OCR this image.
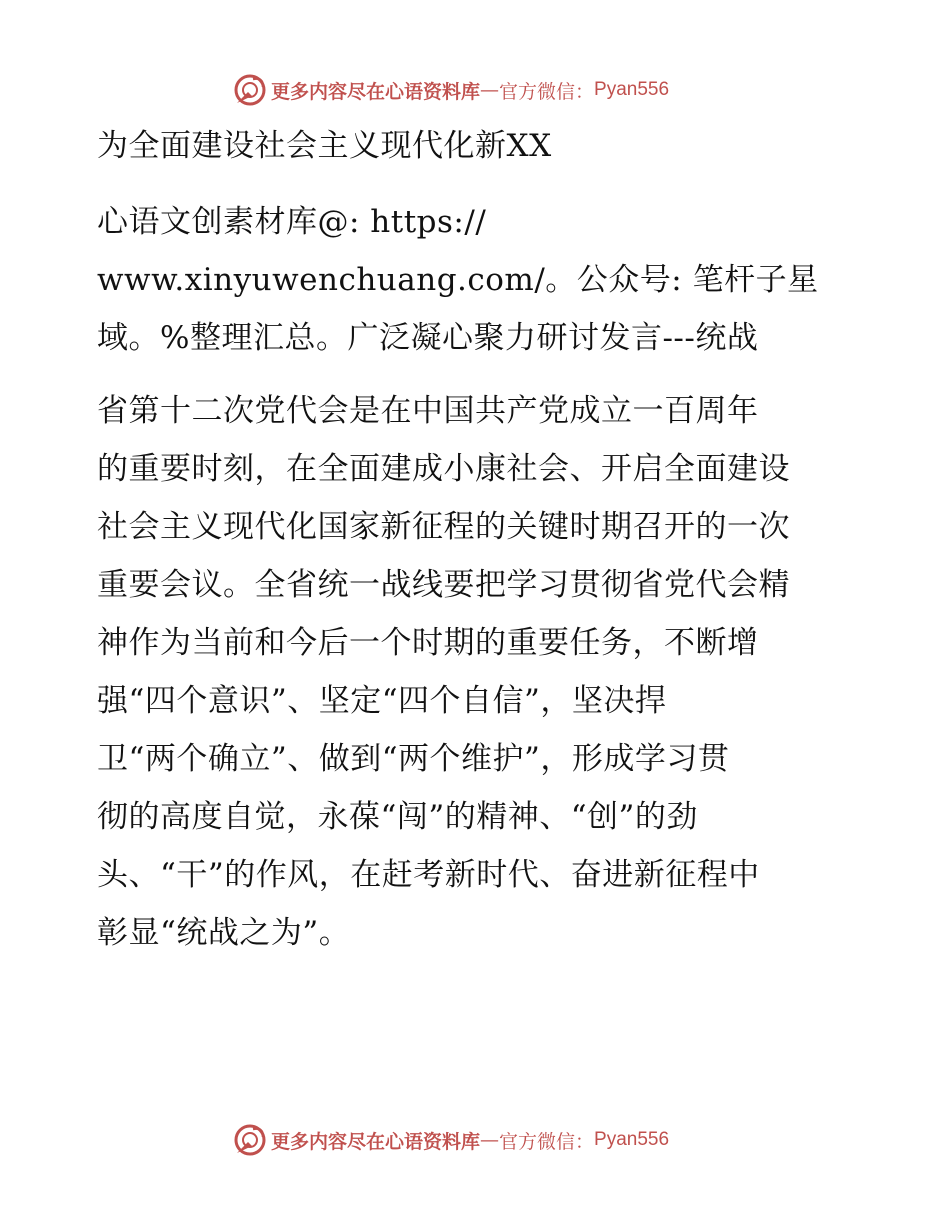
更多内容尽在心语资料库 — 官方微信： Pyan556
为全面建设社会主义现代化新XX
心语文创素材库@: https://
www.xinyuwenchuang.com/。公众号: 笔杆子星
域。%整理汇总。广泛凝心聚力研讨发言---统战
省第十二次党代会是在中国共产党成立一百周年
的重要时刻，在全面建成小康社会、开启全面建设
社会主义现代化国家新征程的关键时期召开的一次
重要会议。全省统一战线要把学习贯彻省党代会精
神作为当前和今后一个时期的重要任务，不断增
强“四个意识”、坚定“四个自信”，坚决捍
卫“两个确立”、做到“两个维护”，形成学习贯
彻的高度自觉，永葆“闯”的精神、“创”的劲
头、“干”的作风，在赶考新时代、奋进新征程中
彰显“统战之为”。
更多内容尽在心语资料库 — 官方微信： Pyan556
